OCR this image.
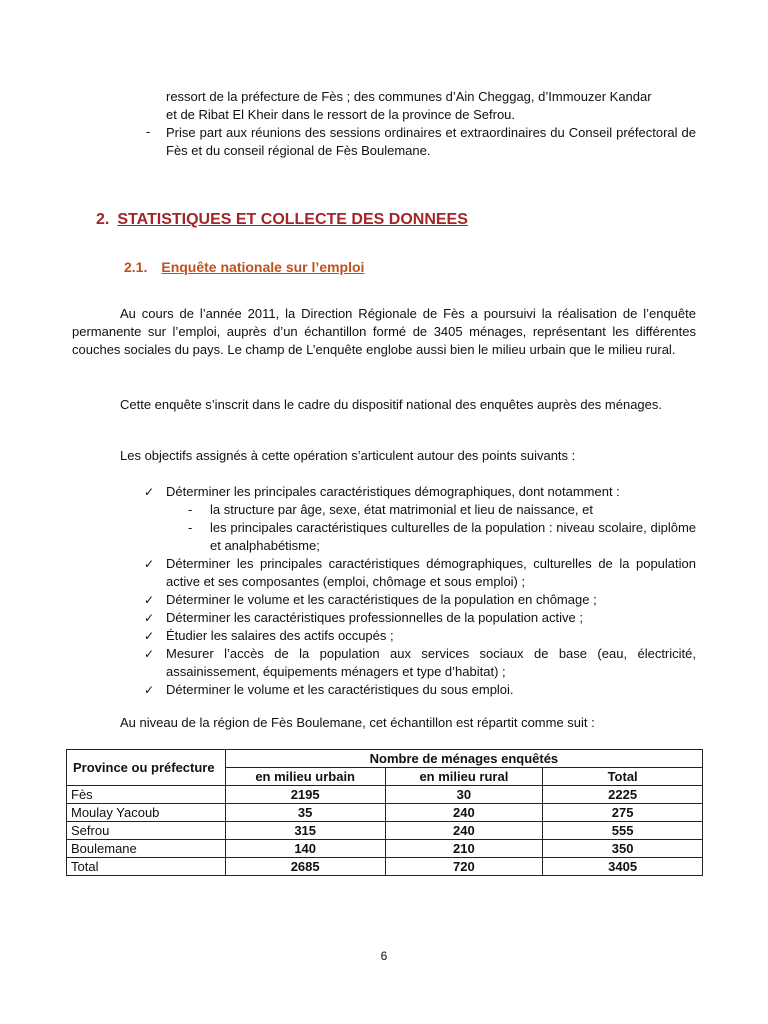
ressort de la préfecture de Fès ; des communes d’Ain Cheggag, d’Immouzer Kandar
et de Ribat El Kheir dans le ressort de la province de Sefrou.
- Prise part aux réunions des sessions ordinaires et extraordinaires du Conseil préfectoral de Fès et du conseil régional de Fès Boulemane.
2. STATISTIQUES ET COLLECTE DES DONNEES
2.1. Enquête nationale sur l’emploi
Au cours de l’année 2011, la Direction Régionale de Fès a poursuivi la réalisation de l’enquête permanente sur l’emploi, auprès d’un échantillon formé de 3405 ménages, représentant les différentes couches sociales du pays. Le champ de L’enquête englobe aussi bien le milieu urbain que le milieu rural.
Cette enquête s’inscrit dans le cadre du dispositif national des enquêtes auprès des ménages.
Les objectifs assignés à cette opération s’articulent autour des points suivants :
✓ Déterminer les principales caractéristiques démographiques, dont notamment :
- la structure par âge, sexe, état matrimonial et lieu de naissance, et
- les principales caractéristiques culturelles de la population : niveau scolaire, diplôme et analphabétisme;
✓ Déterminer les principales caractéristiques démographiques, culturelles de la population active et ses composantes (emploi, chômage et sous emploi) ;
✓ Déterminer le volume et les caractéristiques de la population en chômage ;
✓ Déterminer les caractéristiques professionnelles de la population active ;
✓ Étudier les salaires des actifs occupés ;
✓ Mesurer l’accès de la population aux services sociaux de base (eau, électricité, assainissement, équipements ménagers et type d’habitat) ;
✓ Déterminer le volume et les caractéristiques du sous emploi.
Au niveau de la région de Fès Boulemane, cet échantillon est répartit comme suit :
Province ou préfecture	Nombre de ménages enquêtés		
	en milieu urbain	en milieu rural	Total
Fès	2195	30	2225
Moulay Yacoub	35	240	275
Sefrou	315	240	555
Boulemane	140	210	350
Total	2685	720	3405
6
